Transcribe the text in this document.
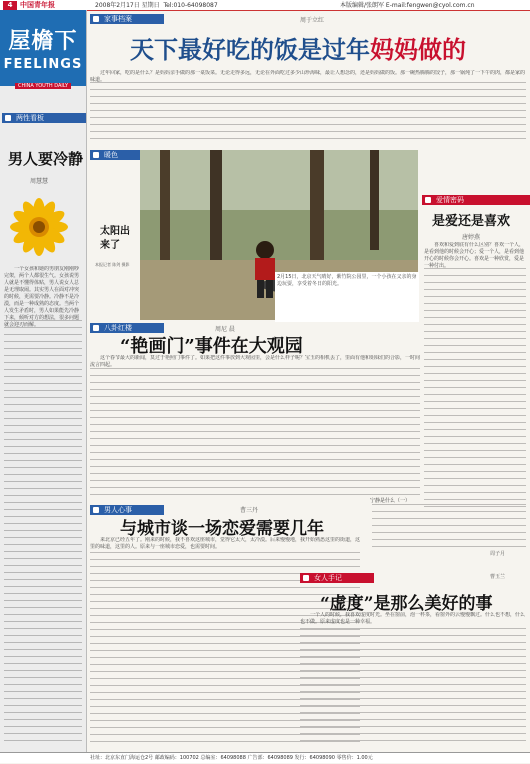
4	中国青年报	2008年2月17日 星期日 Tel:010-64098087	本版编辑/张朗军 E-mail:fengwen@cyol.com.cn
屋檐下
FEELINGS
CHINA YOUTH DAILY
两性看板
男人要冷静
周慧慧

一个女孩和她的男朋友刚刚吵完架，两个人都很生气。女孩说男人就是不懂得体贴，男人说女人总是无理取闹。其实男人在面对冲突的时候，更需要冷静。冷静不是冷漠，而是一种成熟的态度。当两个人发生矛盾时，男人如果能先冷静下来，倾听对方的想法，很多问题就会迎刃而解。

家事档案	周于立红
天下最好吃的饭是过年妈妈做的

过年回家，吃的是什么？是妈妈亲手做的那一桌饭菜。无论走得多远，无论在外面吃过多少山珍海味，最让人想念的，还是妈妈做的饭。那一碗热腾腾的饺子，那一锅炖了一下午的肉，都是家的味道。

暖色
太阳出来了
本报记者 陈剑 摄影
2月15日，北京天气晴好，紫竹院公园里，一个小孩在父亲的身边玩耍，享受着冬日的阳光。
八卦红楼	周尼 晨
“艳画门”事件在大观园

这个春节最大的新闻，莫过于艳照门事件了。如果把这件事放到大观园里，会是什么样子呢？宝玉的相机丢了，里面有他和姐妹们的合影，一时间流言四起。

爱情密码
是爱还是喜欢
唐婷燕

喜欢和爱到底有什么区别？喜欢一个人，是看到他的时候会开心；爱一个人，是看到他开心的时候你会开心。喜欢是一种欣赏，爱是一种付出。

宁静是什么（一）
周子月
男人心事	曹三丹
与城市谈一场恋爱需要几年

来北京已经五年了。刚来的时候，我不喜欢这座城市，觉得它太大，太冷漠。后来慢慢地，我开始熟悉这里的街道，这里的味道，这里的人。原来与一座城市恋爱，也需要时间。

女人手记
“虚度”是那么美好的事

一个人的时候，我喜欢虚度时光。坐在窗前，泡一杯茶，看窗外的云慢慢飘过。什么也不想，什么也不做。原来虚度也是一种幸福。

曹玉兰
社址：北京东直门海运仓2号 邮政编码：100702 总编室：64098088 广告部：64098089 发行：64098090 零售价：1.00元
